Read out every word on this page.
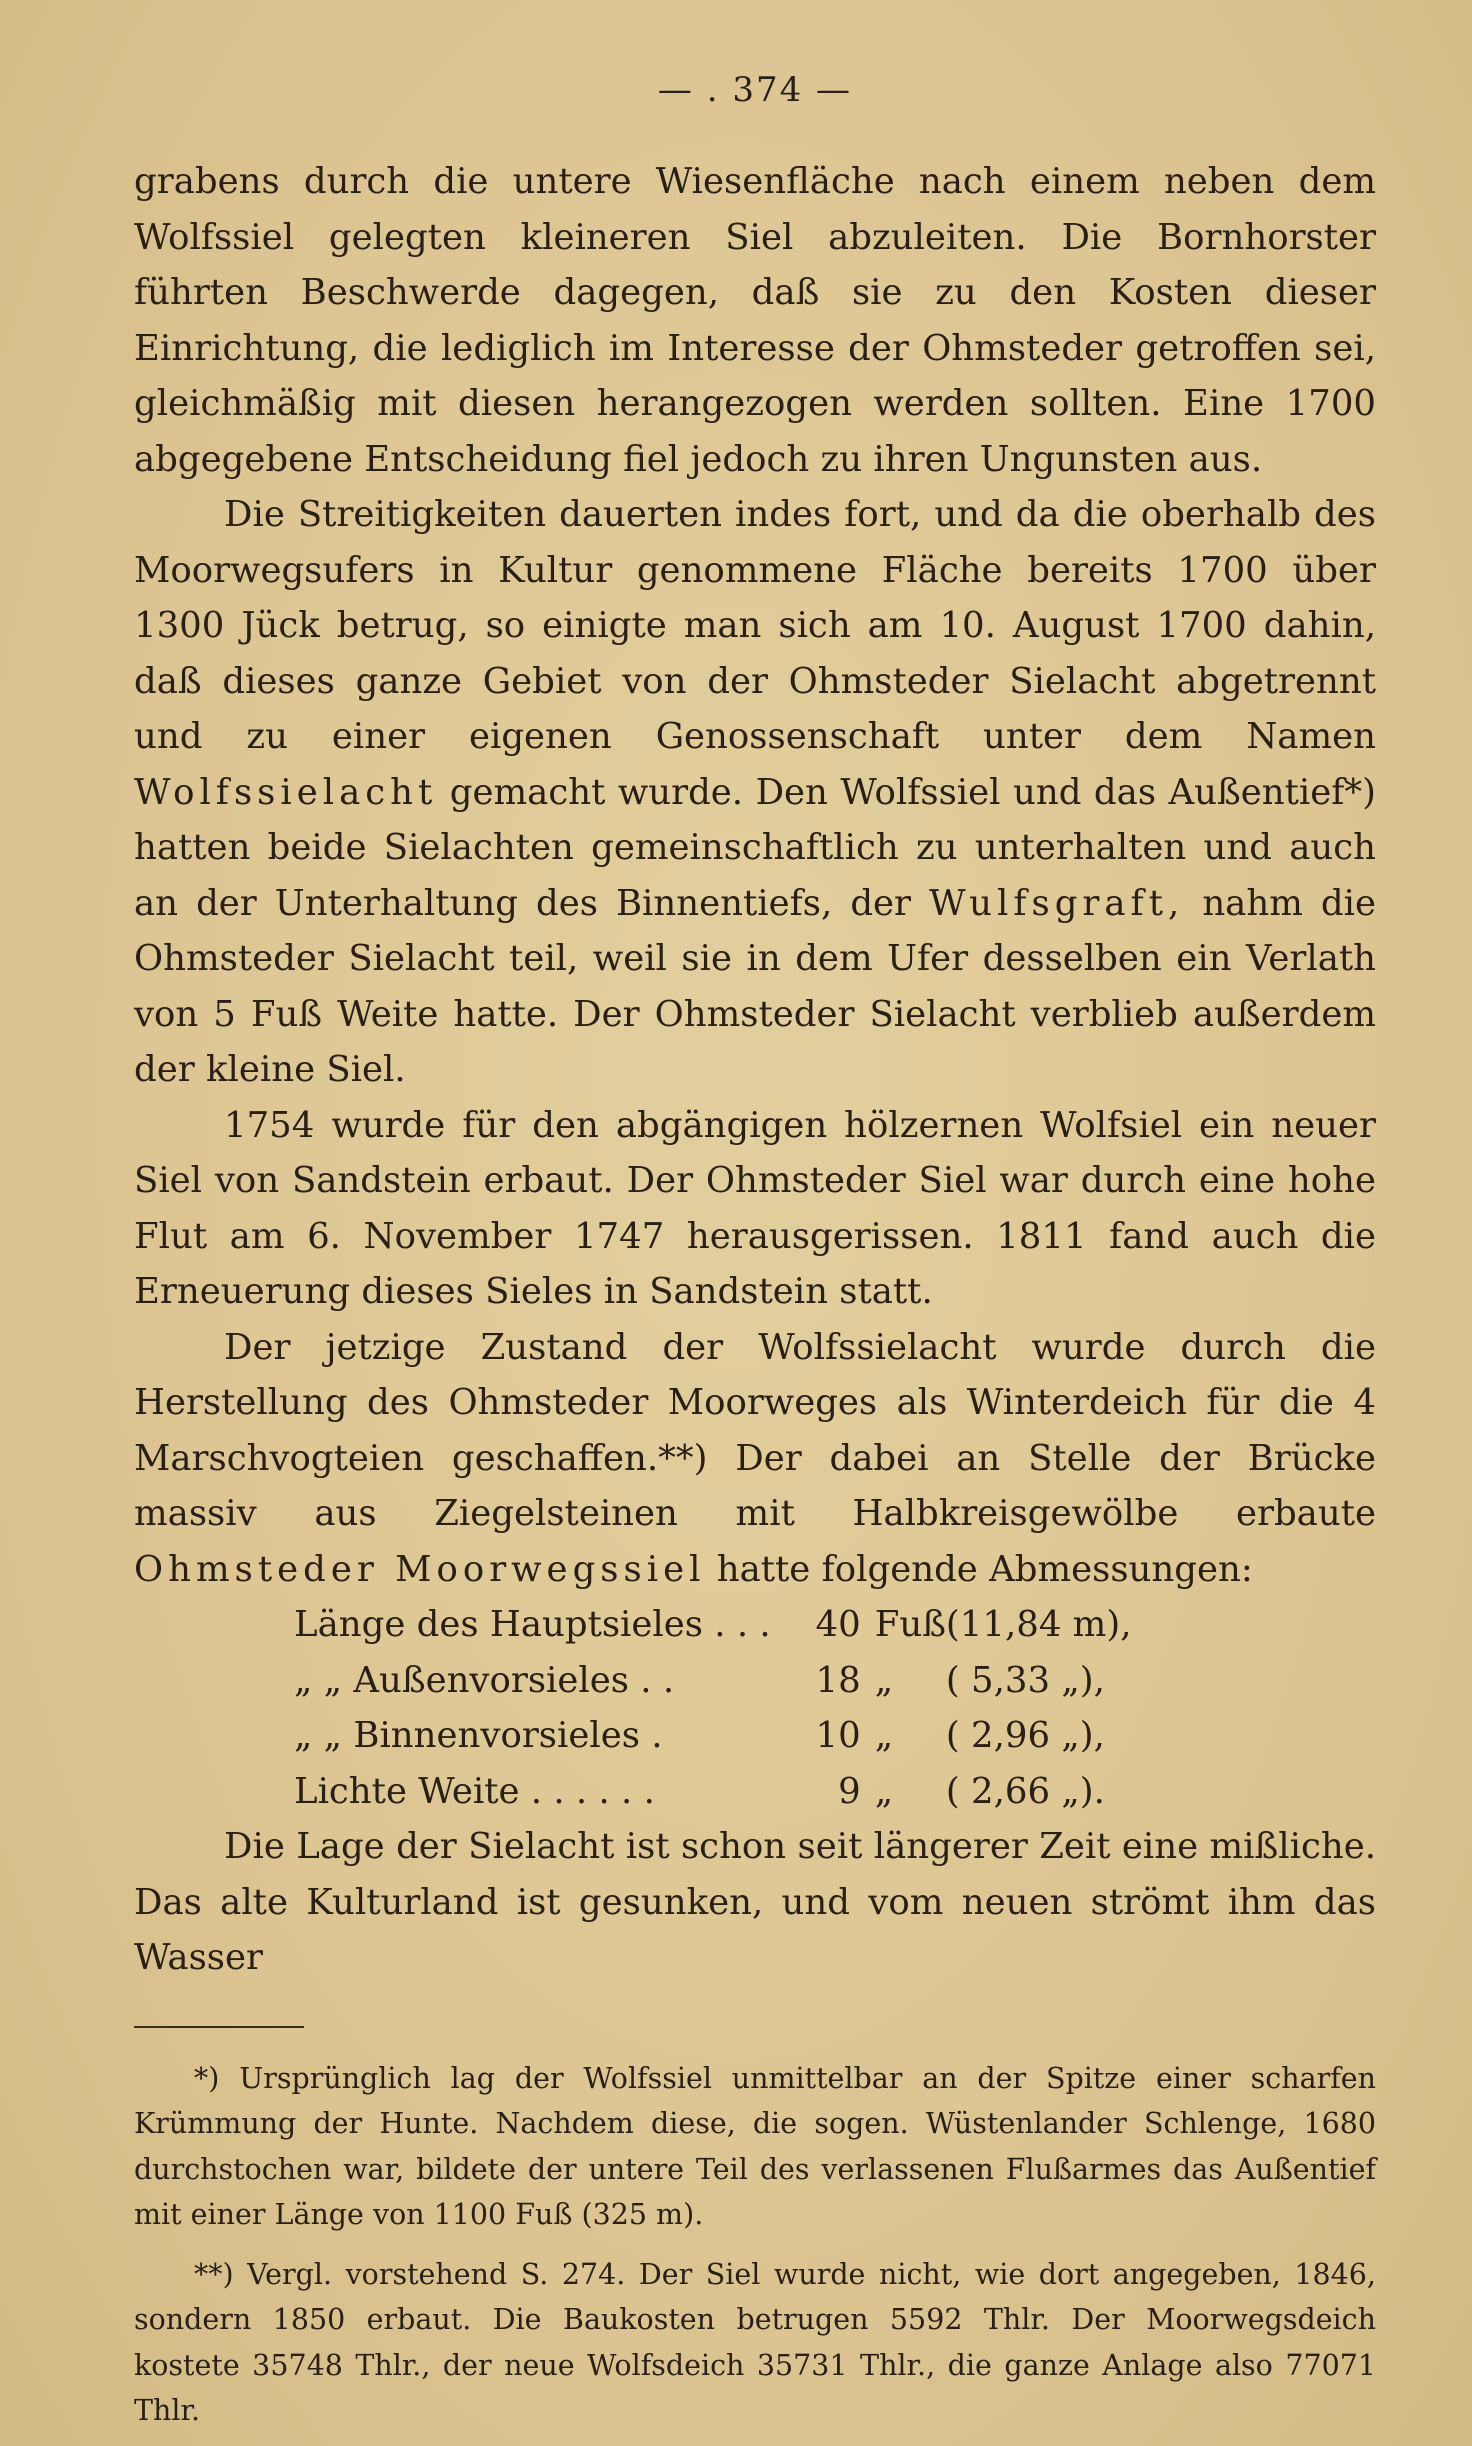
— . 374 —

grabens durch die untere Wiesenfläche nach einem neben dem Wolfssiel gelegten kleineren Siel abzuleiten. Die Bornhorster führten Beschwerde dagegen, daß sie zu den Kosten dieser Einrichtung, die lediglich im Interesse der Ohmsteder getroffen sei, gleichmäßig mit diesen herangezogen werden sollten. Eine 1700 abgegebene Entscheidung fiel jedoch zu ihren Ungunsten aus.

Die Streitigkeiten dauerten indes fort, und da die oberhalb des Moorwegsufers in Kultur genommene Fläche bereits 1700 über 1300 Jück betrug, so einigte man sich am 10. August 1700 dahin, daß dieses ganze Gebiet von der Ohmsteder Sielacht abgetrennt und zu einer eigenen Genossenschaft unter dem Namen Wolfssielacht gemacht wurde. Den Wolfssiel und das Außentief*) hatten beide Sielachten gemeinschaftlich zu unterhalten und auch an der Unterhaltung des Binnentiefs, der Wulfsgraft, nahm die Ohmsteder Sielacht teil, weil sie in dem Ufer desselben ein Verlath von 5 Fuß Weite hatte. Der Ohmsteder Sielacht verblieb außerdem der kleine Siel.

1754 wurde für den abgängigen hölzernen Wolfsiel ein neuer Siel von Sandstein erbaut. Der Ohmsteder Siel war durch eine hohe Flut am 6. November 1747 herausgerissen. 1811 fand auch die Erneuerung dieses Sieles in Sandstein statt.

Der jetzige Zustand der Wolfssielacht wurde durch die Herstellung des Ohmsteder Moorweges als Winterdeich für die 4 Marschvogteien geschaffen.**) Der dabei an Stelle der Brücke massiv aus Ziegelsteinen mit Halbkreisgewölbe erbaute Ohmsteder Moorwegssiel hatte folgende Abmessungen:

Länge des Hauptsieles . . .	40	Fuß	(11,84 m),
„ „ Außenvorsieles . .	18	„	( 5,33 „),
„ „ Binnenvorsieles .	10	„	( 2,96 „),
Lichte Weite . . . . . .	9	„	( 2,66 „).

Die Lage der Sielacht ist schon seit längerer Zeit eine mißliche. Das alte Kulturland ist gesunken, und vom neuen strömt ihm das Wasser

*) Ursprünglich lag der Wolfssiel unmittelbar an der Spitze einer scharfen Krümmung der Hunte. Nachdem diese, die sogen. Wüstenlander Schlenge, 1680 durchstochen war, bildete der untere Teil des verlassenen Flußarmes das Außentief mit einer Länge von 1100 Fuß (325 m).

**) Vergl. vorstehend S. 274. Der Siel wurde nicht, wie dort angegeben, 1846, sondern 1850 erbaut. Die Baukosten betrugen 5592 Thlr. Der Moorwegsdeich kostete 35748 Thlr., der neue Wolfsdeich 35731 Thlr., die ganze Anlage also 77071 Thlr.
